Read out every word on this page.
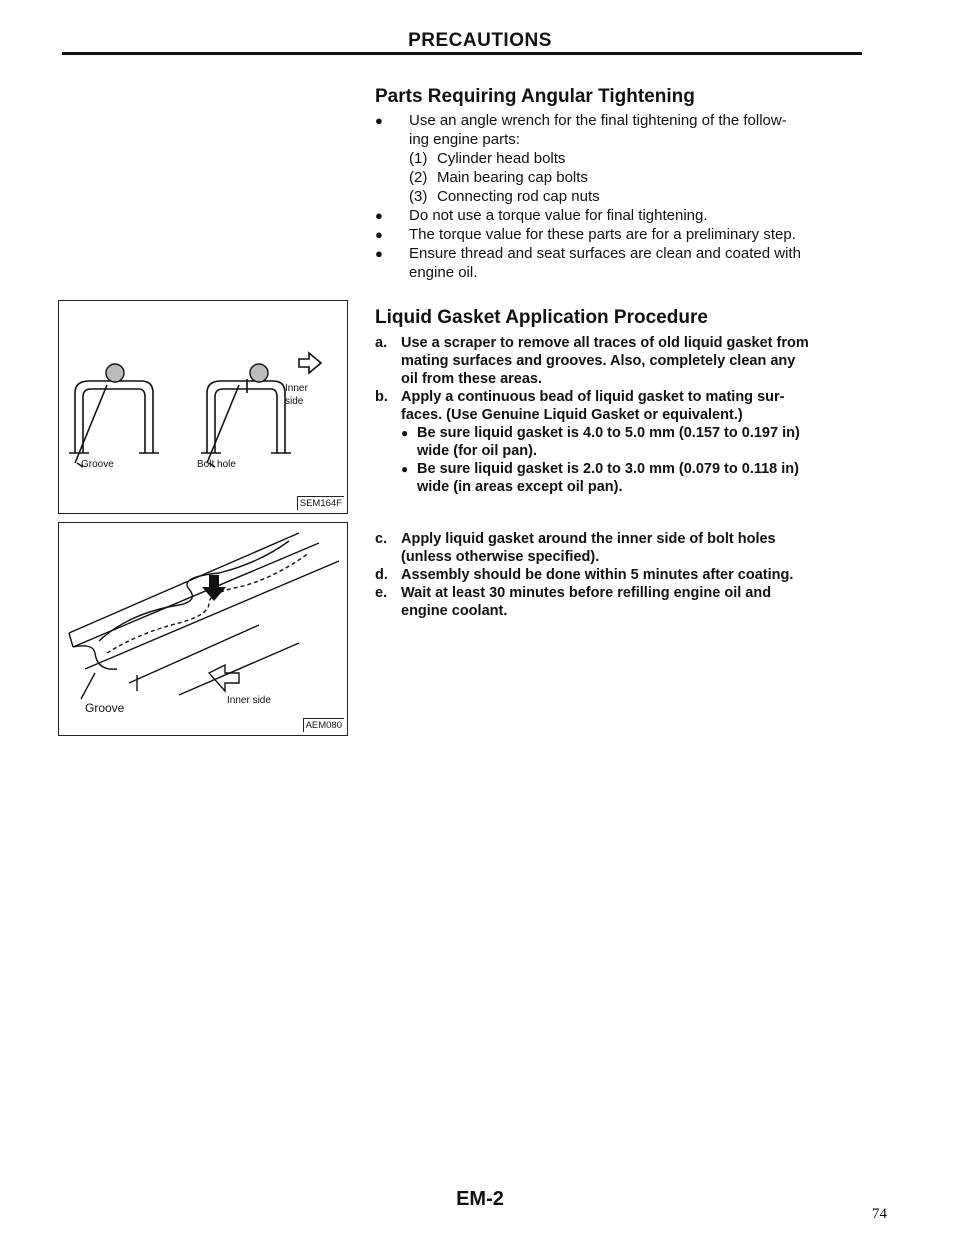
PRECAUTIONS
Parts Requiring Angular Tightening
● Use an angle wrench for the final tightening of the follow-
ing engine parts:
(1) Cylinder head bolts
(2) Main bearing cap bolts
(3) Connecting rod cap nuts
● Do not use a torque value for final tightening.
● The torque value for these parts are for a preliminary step.
● Ensure thread and seat surfaces are clean and coated with
engine oil.
Liquid Gasket Application Procedure
a. Use a scraper to remove all traces of old liquid gasket from
mating surfaces and grooves. Also, completely clean any
oil from these areas.
b. Apply a continuous bead of liquid gasket to mating sur-
faces. (Use Genuine Liquid Gasket or equivalent.)
● Be sure liquid gasket is 4.0 to 5.0 mm (0.157 to 0.197 in)
wide (for oil pan).
● Be sure liquid gasket is 2.0 to 3.0 mm (0.079 to 0.118 in)
wide (in areas except oil pan).
c. Apply liquid gasket around the inner side of bolt holes
(unless otherwise specified).
d. Assembly should be done within 5 minutes after coating.
e. Wait at least 30 minutes before refilling engine oil and
engine coolant.
Groove	Bolt hole
Inner
side
SEM164F
Groove
Inner side
AEM080
EM-2
74
